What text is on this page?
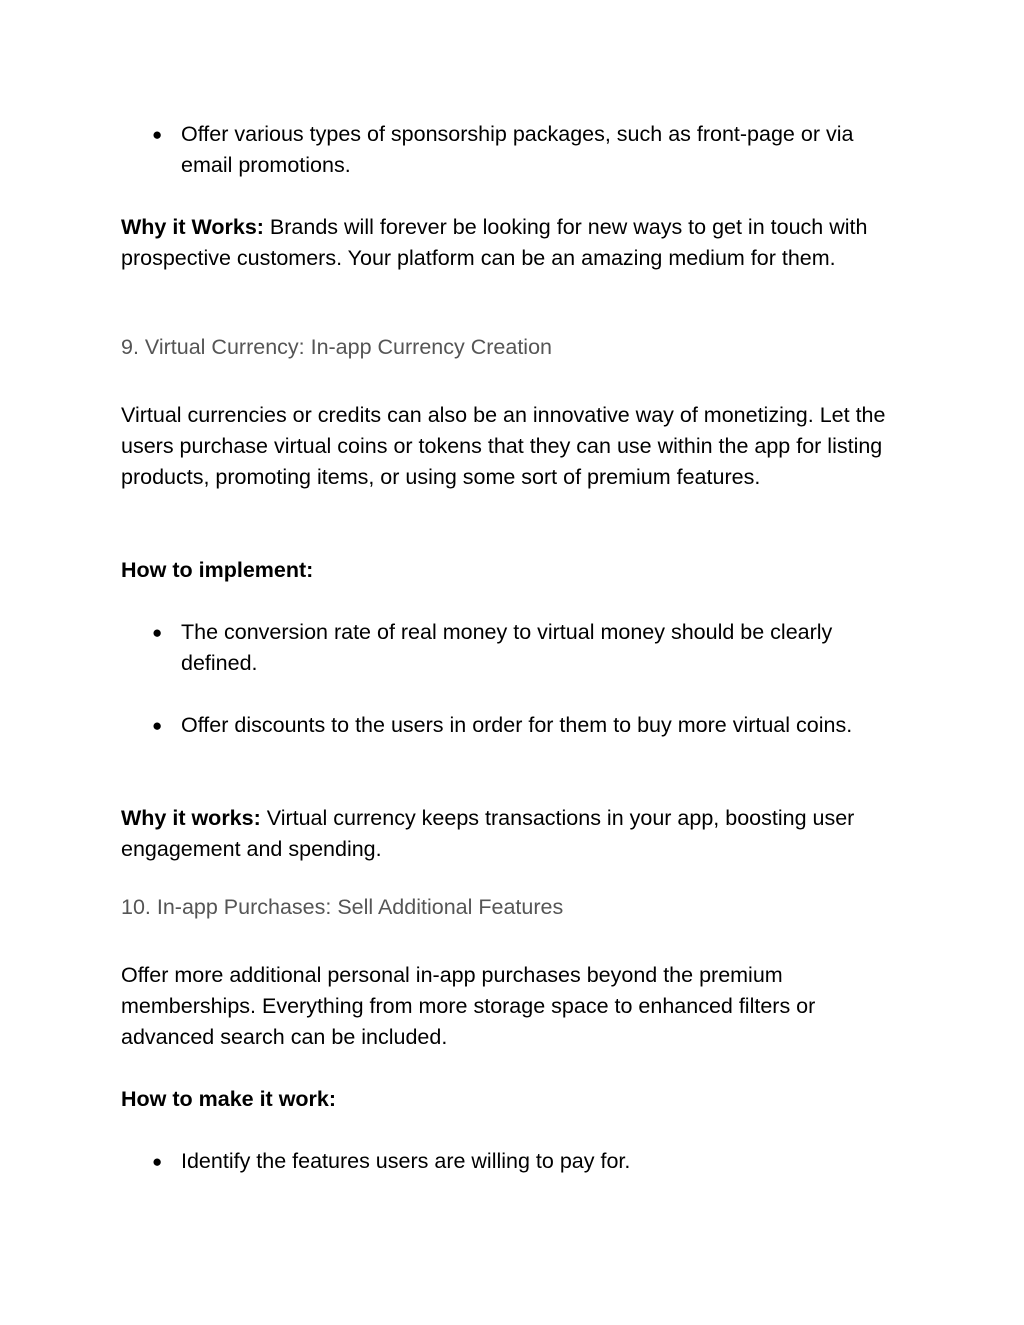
● Offer various types of sponsorship packages, such as front-page or via email promotions.

Why it Works: Brands will forever be looking for new ways to get in touch with prospective customers. Your platform can be an amazing medium for them.

9. Virtual Currency: In-app Currency Creation

Virtual currencies or credits can also be an innovative way of monetizing. Let the users purchase virtual coins or tokens that they can use within the app for listing products, promoting items, or using some sort of premium features.

How to implement:

● The conversion rate of real money to virtual money should be clearly defined.

● Offer discounts to the users in order for them to buy more virtual coins.

Why it works: Virtual currency keeps transactions in your app, boosting user engagement and spending.

10. In-app Purchases: Sell Additional Features

Offer more additional personal in-app purchases beyond the premium memberships. Everything from more storage space to enhanced filters or advanced search can be included.

How to make it work:

● Identify the features users are willing to pay for.
